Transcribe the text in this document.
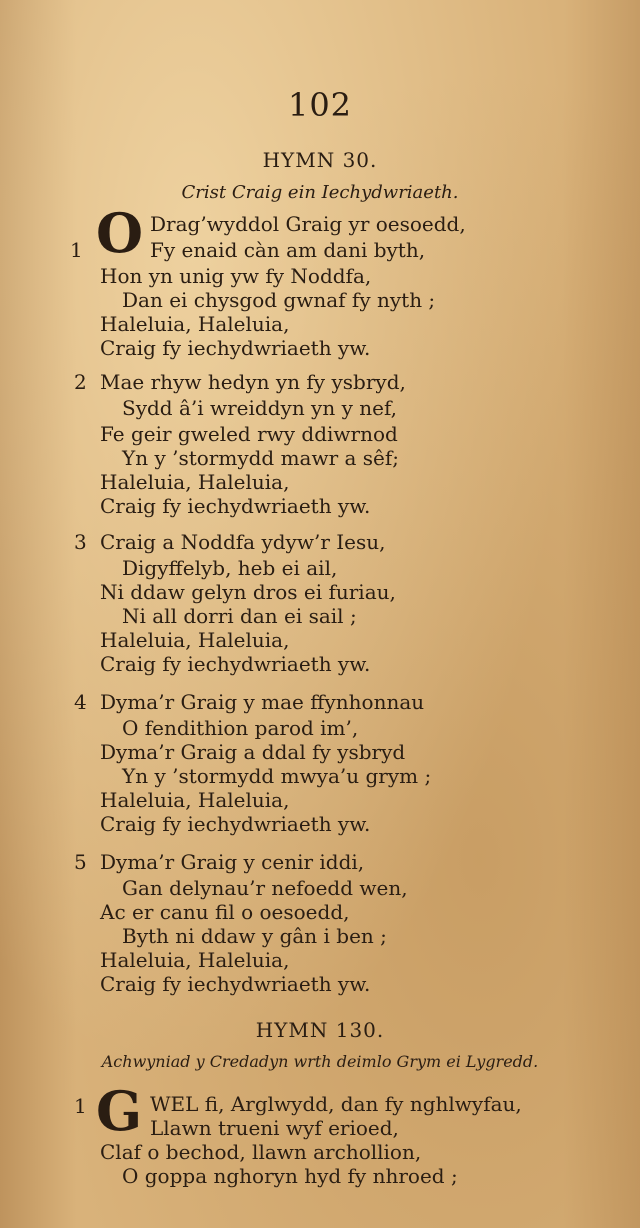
102
HYMN 30.
Crist Craig ein Iechydwriaeth.
1 O Drag’wyddol Graig yr oesoedd,
Fy enaid càn am dani byth,
Hon yn unig yw fy Noddfa,
Dan ei chysgod gwnaf fy nyth ;
Haleluia, Haleluia,
Craig fy iechydwriaeth yw.
2 Mae rhyw hedyn yn fy ysbryd,
Sydd â’i wreiddyn yn y nef,
Fe geir gweled rwy ddiwrnod
Yn y ’stormydd mawr a sêf;
Haleluia, Haleluia,
Craig fy iechydwriaeth yw.
3 Craig a Noddfa ydyw’r Iesu,
Digyffelyb, heb ei ail,
Ni ddaw gelyn dros ei furiau,
Ni all dorri dan ei sail ;
Haleluia, Haleluia,
Craig fy iechydwriaeth yw.
4 Dyma’r Graig y mae ffynhonnau
O fendithion parod im’,
Dyma’r Graig a ddal fy ysbryd
Yn y ’stormydd mwya’u grym ;
Haleluia, Haleluia,
Craig fy iechydwriaeth yw.
5 Dyma’r Graig y cenir iddi,
Gan delynau’r nefoedd wen,
Ac er canu fil o oesoedd,
Byth ni ddaw y gân i ben ;
Haleluia, Haleluia,
Craig fy iechydwriaeth yw.
HYMN 130.
Achwyniad y Credadyn wrth deimlo Grym ei Lygredd.
1 G WEL fi, Arglwydd, dan fy nghlwyfau,
Llawn trueni wyf erioed,
Claf o bechod, llawn archollion,
O goppa nghoryn hyd fy nhroed ;
